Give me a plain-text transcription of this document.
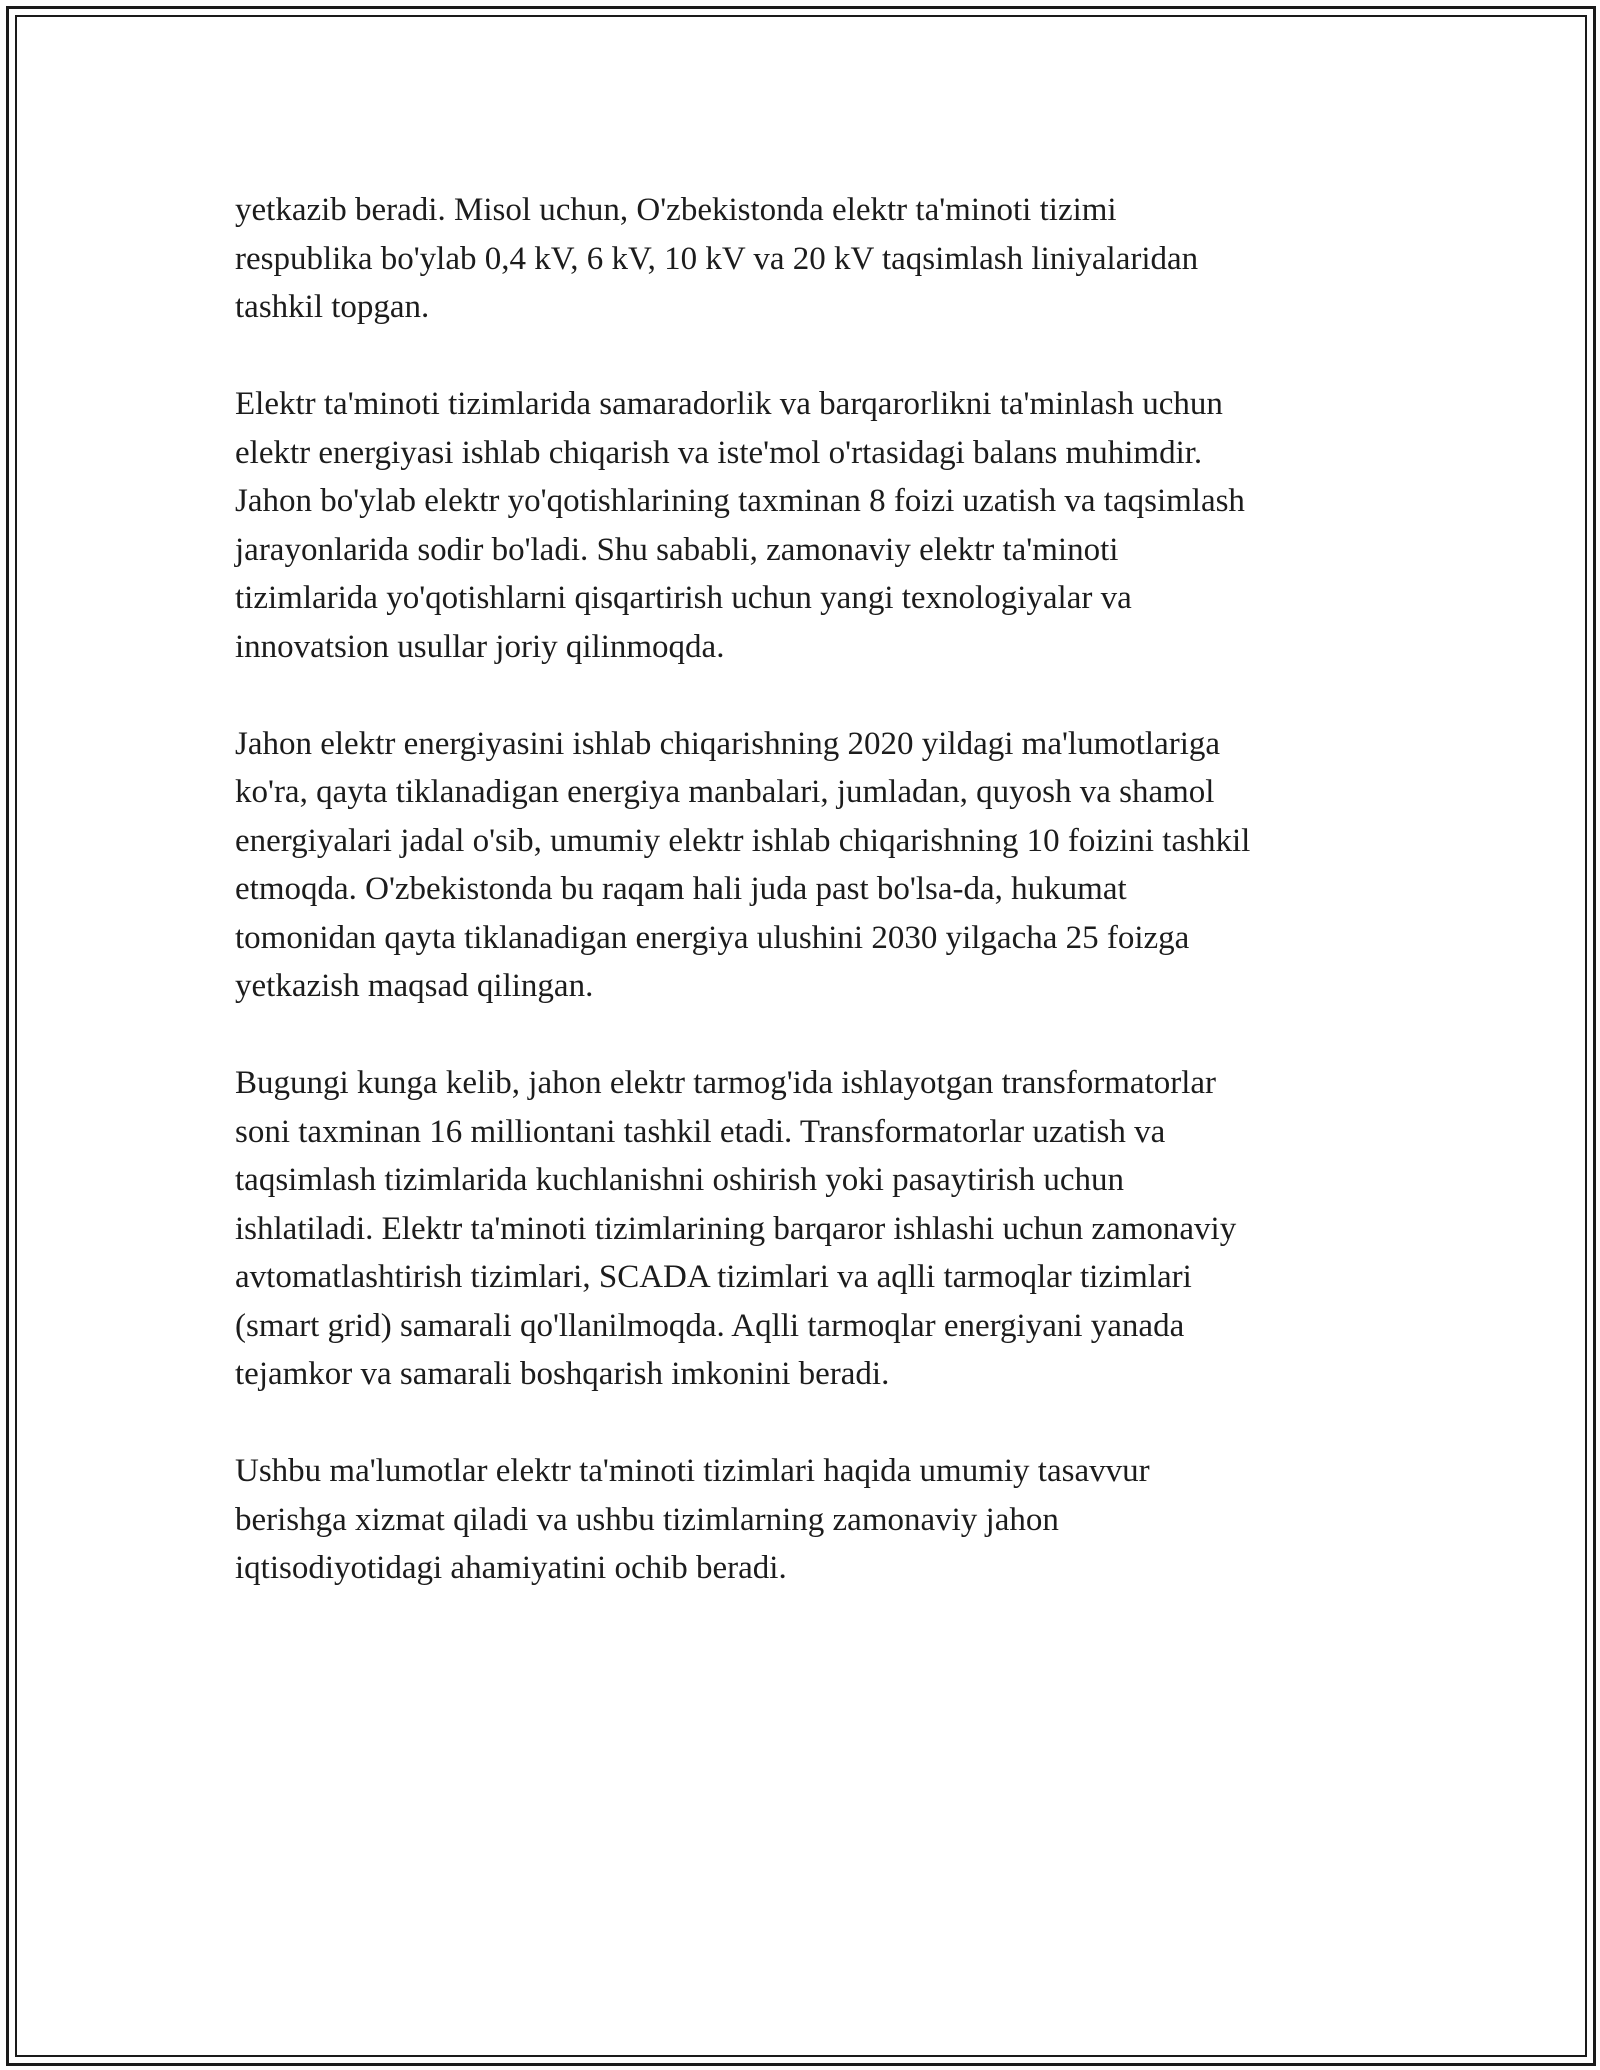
yetkazib beradi. Misol uchun, O'zbekistonda elektr ta'minoti tizimi
respublika bo'ylab 0,4 kV, 6 kV, 10 kV va 20 kV taqsimlash liniyalaridan
tashkil topgan.

Elektr ta'minoti tizimlarida samaradorlik va barqarorlikni ta'minlash uchun
elektr energiyasi ishlab chiqarish va iste'mol o'rtasidagi balans muhimdir.
Jahon bo'ylab elektr yo'qotishlarining taxminan 8 foizi uzatish va taqsimlash
jarayonlarida sodir bo'ladi. Shu sababli, zamonaviy elektr ta'minoti
tizimlarida yo'qotishlarni qisqartirish uchun yangi texnologiyalar va
innovatsion usullar joriy qilinmoqda.

Jahon elektr energiyasini ishlab chiqarishning 2020 yildagi ma'lumotlariga
ko'ra, qayta tiklanadigan energiya manbalari, jumladan, quyosh va shamol
energiyalari jadal o'sib, umumiy elektr ishlab chiqarishning 10 foizini tashkil
etmoqda. O'zbekistonda bu raqam hali juda past bo'lsa-da, hukumat
tomonidan qayta tiklanadigan energiya ulushini 2030 yilgacha 25 foizga
yetkazish maqsad qilingan.

Bugungi kunga kelib, jahon elektr tarmog'ida ishlayotgan transformatorlar
soni taxminan 16 milliontani tashkil etadi. Transformatorlar uzatish va
taqsimlash tizimlarida kuchlanishni oshirish yoki pasaytirish uchun
ishlatiladi. Elektr ta'minoti tizimlarining barqaror ishlashi uchun zamonaviy
avtomatlashtirish tizimlari, SCADA tizimlari va aqlli tarmoqlar tizimlari
(smart grid) samarali qo'llanilmoqda. Aqlli tarmoqlar energiyani yanada
tejamkor va samarali boshqarish imkonini beradi.

Ushbu ma'lumotlar elektr ta'minoti tizimlari haqida umumiy tasavvur
berishga xizmat qiladi va ushbu tizimlarning zamonaviy jahon
iqtisodiyotidagi ahamiyatini ochib beradi.
